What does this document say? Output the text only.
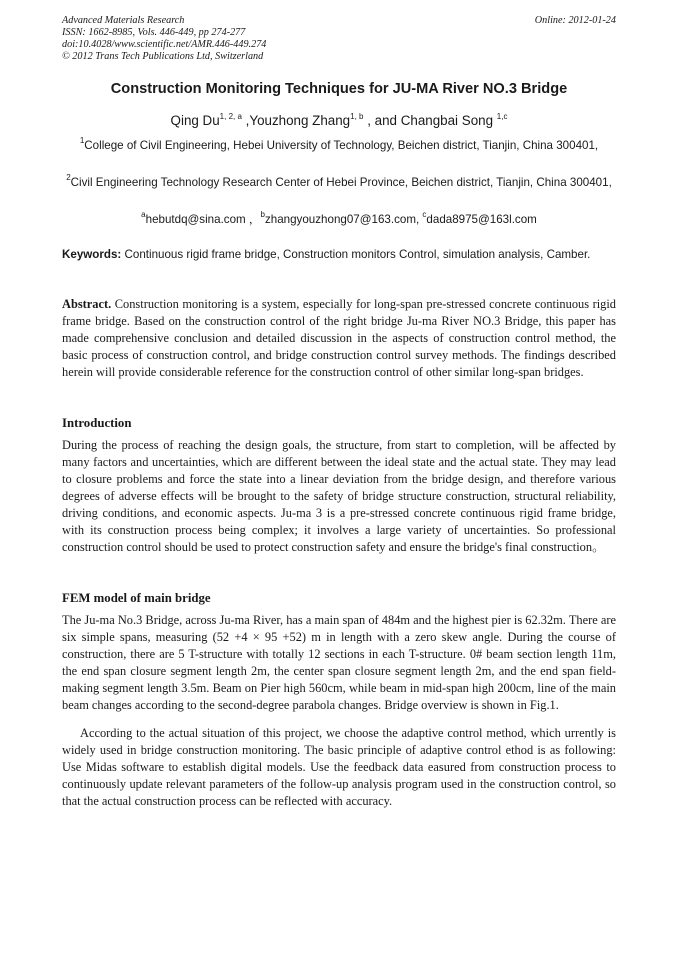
Advanced Materials Research
ISSN: 1662-8985, Vols. 446-449, pp 274-277
doi:10.4028/www.scientific.net/AMR.446-449.274
© 2012 Trans Tech Publications Ltd, Switzerland
Online: 2012-01-24
Construction Monitoring Techniques for JU-MA River NO.3 Bridge
Qing Du$^{1, 2, a}$ ,Youzhong Zhang$^{1, b}$ , and Changbai Song $^{1,c}$
$^1$College of Civil Engineering, Hebei University of Technology, Beichen district, Tianjin, China 300401,
$^2$Civil Engineering Technology Research Center of Hebei Province, Beichen district, Tianjin, China 300401,
$^a$hebutdq@sina.com ，$^b$zhangyouzhong07@163.com, $^c$dada8975@163l.com
Keywords: Continuous rigid frame bridge, Construction monitors Control, simulation analysis, Camber.
Abstract. Construction monitoring is a system, especially for long-span pre-stressed concrete continuous rigid frame bridge. Based on the construction control of the right bridge Ju-ma River NO.3 Bridge, this paper has made comprehensive conclusion and detailed discussion in the aspects of construction control method, the basic process of construction control, and bridge construction control survey methods. The findings described herein will provide considerable reference for the construction control of other similar long-span bridges.
Introduction
During the process of reaching the design goals, the structure, from start to completion, will be affected by many factors and uncertainties, which are different between the ideal state and the actual state. They may lead to closure problems and force the state into a linear deviation from the bridge design, and therefore various degrees of adverse effects will be brought to the safety of bridge structure construction, structural reliability, driving conditions, and economic aspects. Ju-ma 3 is a pre-stressed concrete continuous rigid frame bridge, with its construction process being complex; it involves a large variety of uncertainties. So professional construction control should be used to protect construction safety and ensure the bridge's final construction。
FEM model of main bridge
The Ju-ma No.3 Bridge, across Ju-ma River, has a main span of 484m and the highest pier is 62.32m. There are six simple spans, measuring (52 +4 × 95 +52) m in length with a zero skew angle. During the course of construction, there are 5 T-structure with totally 12 sections in each T-structure. 0# beam section length 11m, the end span closure segment length 2m, the center span closure segment length 2m, and the end span field-making segment length 3.5m. Beam on Pier high 560cm, while beam in mid-span high 200cm, line of the main beam changes according to the second-degree parabola changes. Bridge overview is shown in Fig.1.
According to the actual situation of this project, we choose the adaptive control method, which urrently is widely used in bridge construction monitoring. The basic principle of adaptive control ethod is as following: Use Midas software to establish digital models. Use the feedback data easured from construction process to continuously update relevant parameters of the follow-up analysis program used in the construction control, so that the actual construction process can be reflected with accuracy.
